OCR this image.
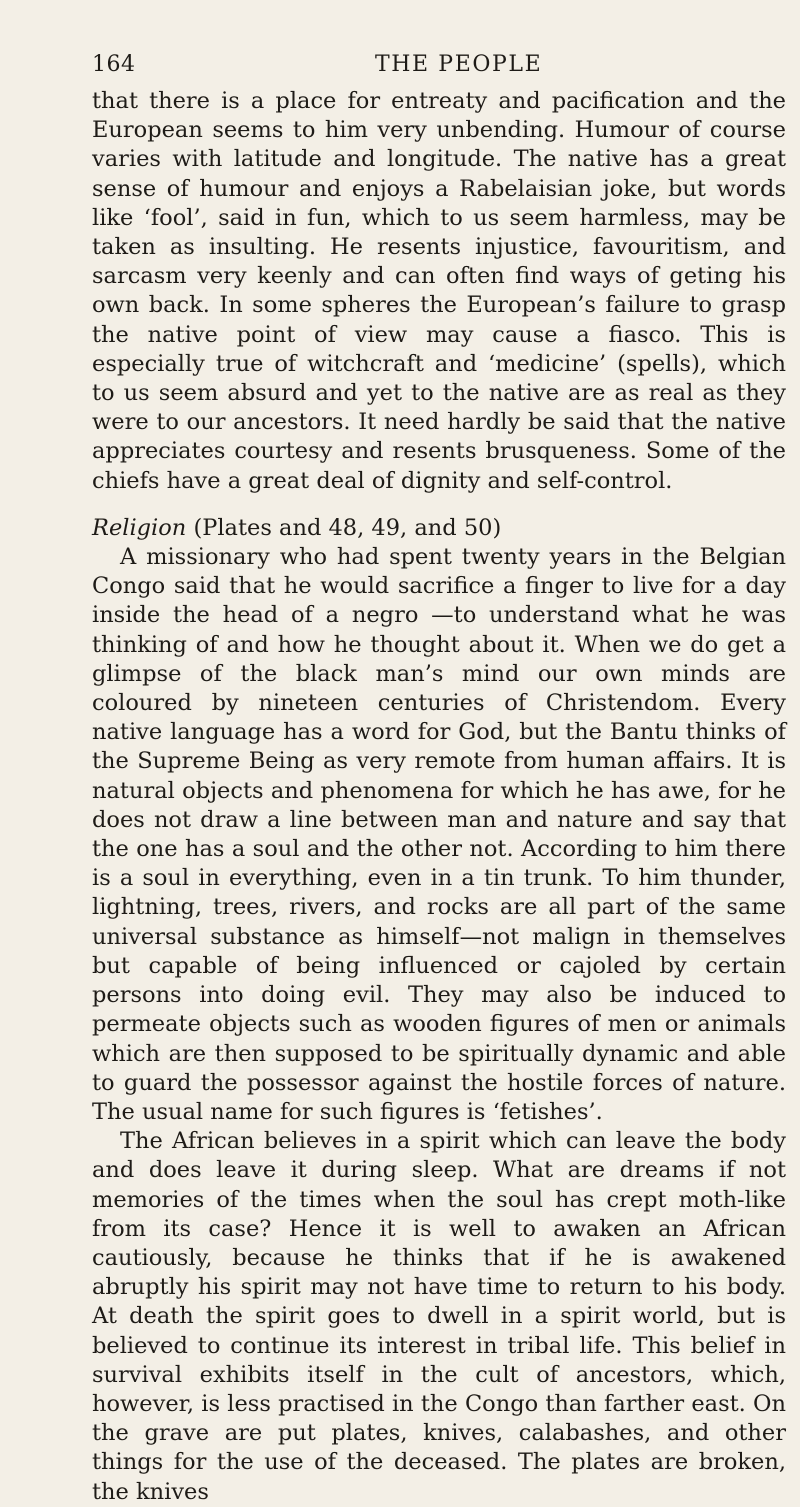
164	THE PEOPLE

that there is a place for entreaty and pacification and the European seems to him very unbending. Humour of course varies with latitude and longitude. The native has a great sense of humour and enjoys a Rabelaisian joke, but words like ‘fool’, said in fun, which to us seem harmless, may be taken as insulting. He resents injustice, favouritism, and sarcasm very keenly and can often find ways of geting his own back. In some spheres the European’s failure to grasp the native point of view may cause a fiasco. This is especially true of witchcraft and ‘medicine’ (spells), which to us seem absurd and yet to the native are as real as they were to our ancestors. It need hardly be said that the native appreciates courtesy and resents brusqueness. Some of the chiefs have a great deal of dignity and self-control.

Religion (Plates and 48, 49, and 50)

A missionary who had spent twenty years in the Belgian Congo said that he would sacrifice a finger to live for a day inside the head of a negro —to understand what he was thinking of and how he thought about it. When we do get a glimpse of the black man’s mind our own minds are coloured by nineteen centuries of Christendom. Every native language has a word for God, but the Bantu thinks of the Supreme Being as very remote from human affairs. It is natural objects and phenomena for which he has awe, for he does not draw a line between man and nature and say that the one has a soul and the other not. According to him there is a soul in everything, even in a tin trunk. To him thunder, lightning, trees, rivers, and rocks are all part of the same universal substance as himself—not malign in themselves but capable of being influenced or cajoled by certain persons into doing evil. They may also be induced to permeate objects such as wooden figures of men or animals which are then supposed to be spiritually dynamic and able to guard the possessor against the hostile forces of nature. The usual name for such figures is ‘fetishes’.

The African believes in a spirit which can leave the body and does leave it during sleep. What are dreams if not memories of the times when the soul has crept moth-like from its case? Hence it is well to awaken an African cautiously, because he thinks that if he is awakened abruptly his spirit may not have time to return to his body. At death the spirit goes to dwell in a spirit world, but is believed to continue its interest in tribal life. This belief in survival exhibits itself in the cult of ancestors, which, however, is less practised in the Congo than farther east. On the grave are put plates, knives, calabashes, and other things for the use of the deceased. The plates are broken, the knives
